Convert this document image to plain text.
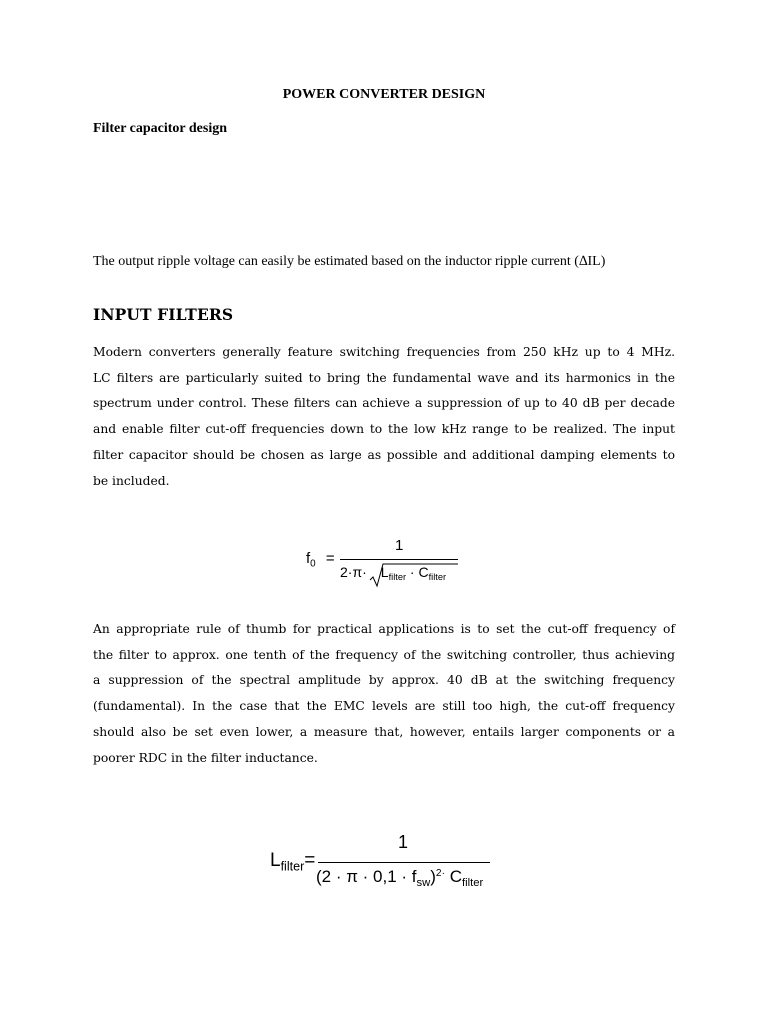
POWER CONVERTER DESIGN
Filter capacitor design
The output ripple voltage can easily be estimated based on the inductor ripple current (∆IL)
INPUT FILTERS
Modern converters generally feature switching frequencies from 250 kHz up to 4 MHz.
LC filters are particularly suited to bring the fundamental wave and its harmonics in the
spectrum under control. These filters can achieve a suppression of up to 40 dB per decade
and enable filter cut-off frequencies down to the low kHz range to be realized. The input
filter capacitor should be chosen as large as possible and additional damping elements to
be included.
$f_0$ =
1
$2\cdot\pi\cdot L_{filter} \cdot C_{filter}$
An appropriate rule of thumb for practical applications is to set the cut-off frequency of
the filter to approx. one tenth of the frequency of the switching controller, thus achieving
a suppression of the spectral amplitude by approx. 40 dB at the switching frequency
(fundamental). In the case that the EMC levels are still too high, the cut-off frequency
should also be set even lower, a measure that, however, entails larger components or a
poorer RDC in the filter inductance.
$L_{filter}=$
1
$(2 \cdot \pi \cdot 0,1 \cdot f_{sw})^{2\cdot}$ $C_{filter}$
